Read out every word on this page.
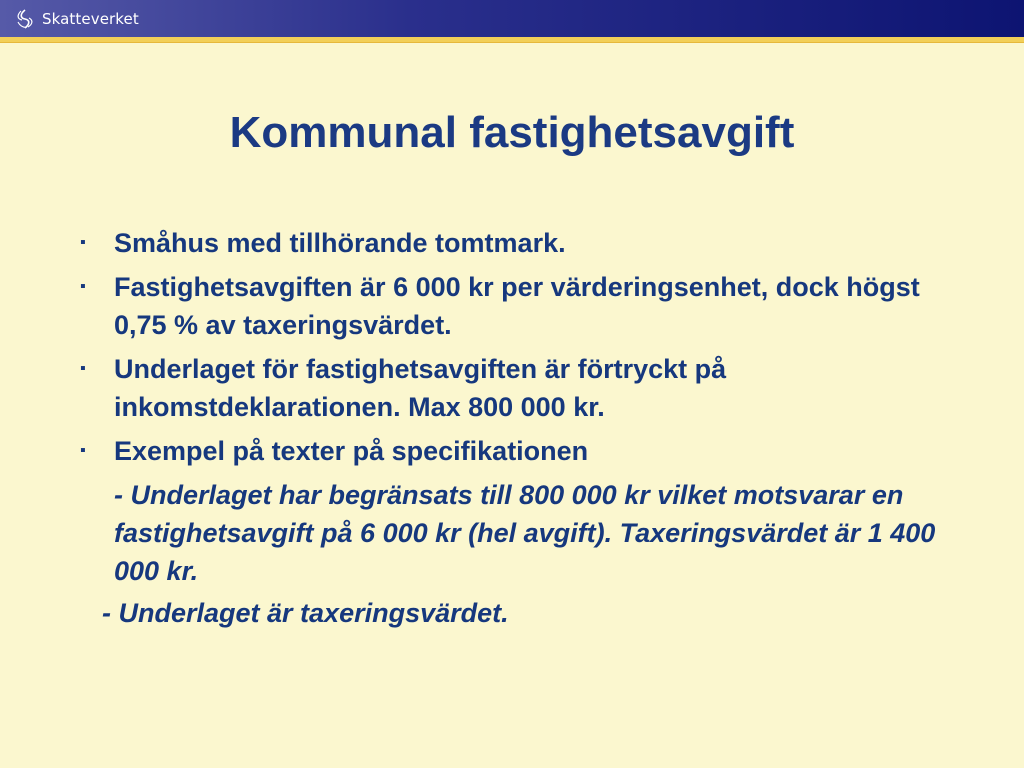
Skatteverket
Kommunal fastighetsavgift
▪ Småhus med tillhörande tomtmark.
▪ Fastighetsavgiften är 6 000 kr per värderingsenhet, dock högst 0,75 % av taxeringsvärdet.
▪ Underlaget för fastighetsavgiften är förtryckt på inkomstdeklarationen. Max 800 000 kr.
▪ Exempel på texter på specifikationen

- Underlaget har begränsats till 800 000 kr vilket motsvarar en fastighetsavgift på 6 000 kr (hel avgift). Taxeringsvärdet är 1 400 000 kr.

- Underlaget är taxeringsvärdet.
